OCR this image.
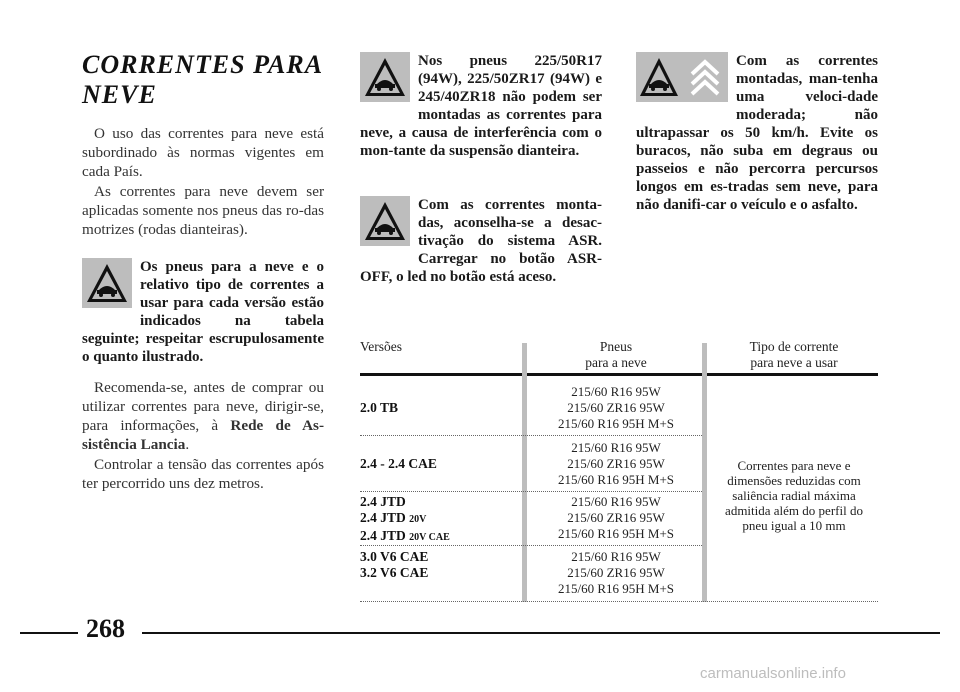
CORRENTES PARA
NEVE
O uso das correntes para neve está subordinado às normas vigentes em cada País.
As correntes para neve devem ser aplicadas somente nos pneus das ro-das motrizes (rodas dianteiras).
Os pneus para a neve e o relativo tipo de correntes a usar para cada versão estão indicados na tabela seguinte; respeitar escrupulosamente o quanto ilustrado.
Recomenda-se, antes de comprar ou utilizar correntes para neve, dirigir-se, para informações, à Rede de As-sistência Lancia.
Controlar a tensão das correntes após ter percorrido uns dez metros.
Nos pneus 225/50R17 (94W), 225/50ZR17 (94W) e 245/40ZR18 não podem ser montadas as correntes para neve, a causa de interferência com o mon-tante da suspensão dianteira.
Com as correntes monta-das, aconselha-se a desac-tivação do sistema ASR. Carregar no botão ASR-OFF, o led no botão está aceso.
Com as correntes montadas, man-tenha uma veloci-dade moderada; não ultrapassar os 50 km/h. Evite os buracos, não suba em degraus ou passeios e não percorra percursos longos em es-tradas sem neve, para não danifi-car o veículo e o asfalto.
Versões	Pneus
para a neve
Tipo de corrente
para neve a usar
2.0 TB
215/60 R16 95W
215/60 ZR16 95W
215/60 R16 95H M+S
2.4 - 2.4 CAE
215/60 R16 95W
215/60 ZR16 95W
215/60 R16 95H M+S
2.4 JTD
2.4 JTD 20V
2.4 JTD 20V CAE
215/60 R16 95W
215/60 ZR16 95W
215/60 R16 95H M+S
3.0 V6 CAE
3.2 V6 CAE
215/60 R16 95W
215/60 ZR16 95W
215/60 R16 95H M+S
Correntes para neve e
dimensões reduzidas com
saliência radial máxima
admitida além do perfil do
pneu igual a 10 mm
268
carmanualsonline.info
